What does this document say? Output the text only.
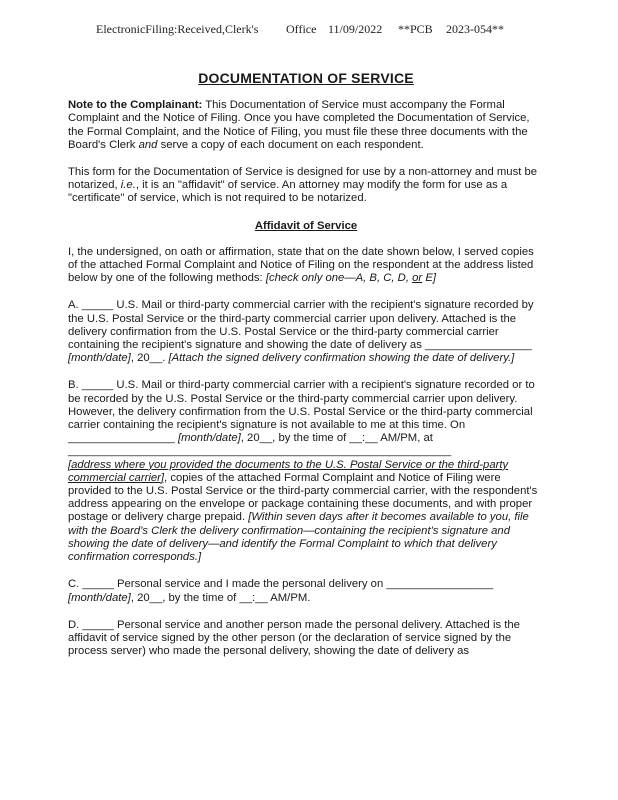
ElectronicFiling:Received,Clerk's Office 11/09/2022 **PCB 2023-054**
DOCUMENTATION OF SERVICE

Note to the Complainant: This Documentation of Service must accompany the Formal Complaint and the Notice of Filing. Once you have completed the Documentation of Service, the Formal Complaint, and the Notice of Filing, you must file these three documents with the Board's Clerk and serve a copy of each document on each respondent.

This form for the Documentation of Service is designed for use by a non-attorney and must be notarized, i.e., it is an "affidavit" of service. An attorney may modify the form for use as a "certificate" of service, which is not required to be notarized.

Affidavit of Service

I, the undersigned, on oath or affirmation, state that on the date shown below, I served copies of the attached Formal Complaint and Notice of Filing on the respondent at the address listed below by one of the following methods: [check only one—A, B, C, D, or E]

A. _____ U.S. Mail or third-party commercial carrier with the recipient's signature recorded by the U.S. Postal Service or the third-party commercial carrier upon delivery. Attached is the delivery confirmation from the U.S. Postal Service or the third-party commercial carrier containing the recipient's signature and showing the date of delivery as _________________ [month/date], 20__. [Attach the signed delivery confirmation showing the date of delivery.]

B. _____ U.S. Mail or third-party commercial carrier with a recipient's signature recorded or to be recorded by the U.S. Postal Service or the third-party commercial carrier upon delivery. However, the delivery confirmation from the U.S. Postal Service or the third-party commercial carrier containing the recipient's signature is not available to me at this time. On _________________ [month/date], 20__, by the time of __:__ AM/PM, at _____________________________________________________________
[address where you provided the documents to the U.S. Postal Service or the third-party commercial carrier], copies of the attached Formal Complaint and Notice of Filing were provided to the U.S. Postal Service or the third-party commercial carrier, with the respondent's address appearing on the envelope or package containing these documents, and with proper postage or delivery charge prepaid. [Within seven days after it becomes available to you, file with the Board's Clerk the delivery confirmation—containing the recipient's signature and showing the date of delivery—and identify the Formal Complaint to which that delivery confirmation corresponds.]

C. _____ Personal service and I made the personal delivery on _________________ [month/date], 20__, by the time of __:__ AM/PM.

D. _____ Personal service and another person made the personal delivery. Attached is the affidavit of service signed by the other person (or the declaration of service signed by the process server) who made the personal delivery, showing the date of delivery as
